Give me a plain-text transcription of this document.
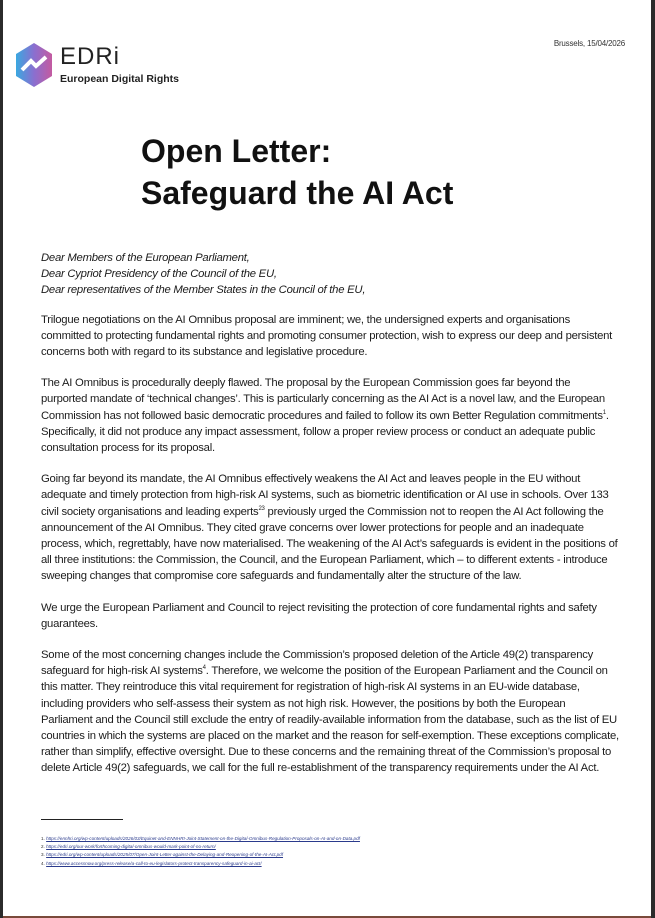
EDRi
European Digital Rights
Brussels, 15/04/2026
Open Letter:
Safeguard the AI Act
Dear Members of the European Parliament,
Dear Cypriot Presidency of the Council of the EU,
Dear representatives of the Member States in the Council of the EU,

Trilogue negotiations on the AI Omnibus proposal are imminent; we, the undersigned experts and organisations committed to protecting fundamental rights and promoting consumer protection, wish to express our deep and persistent concerns both with regard to its substance and legislative procedure.

The AI Omnibus is procedurally deeply flawed. The proposal by the European Commission goes far beyond the purported mandate of ‘technical changes’. This is particularly concerning as the AI Act is a novel law, and the European Commission has not followed basic democratic procedures and failed to follow its own Better Regulation commitments$^1$. Specifically, it did not produce any impact assessment, follow a proper review process or conduct an adequate public consultation process for its proposal.

Going far beyond its mandate, the AI Omnibus effectively weakens the AI Act and leaves people in the EU without adequate and timely protection from high-risk AI systems, such as biometric identification or AI use in schools. Over 133 civil society organisations and leading experts$^{23}$ previously urged the Commission not to reopen the AI Act following the announcement of the AI Omnibus. They cited grave concerns over lower protections for people and an inadequate process, which, regrettably, have now materialised. The weakening of the AI Act’s safeguards is evident in the positions of all three institutions: the Commission, the Council, and the European Parliament, which – to different extents - introduce sweeping changes that compromise core safeguards and fundamentally alter the structure of the law.

We urge the European Parliament and Council to reject revisiting the protection of core fundamental rights and safety guarantees.

Some of the most concerning changes include the Commission’s proposed deletion of the Article 49(2) transparency safeguard for high-risk AI systems$^4$. Therefore, we welcome the position of the European Parliament and the Council on this matter. They reintroduce this vital requirement for registration of high-risk AI systems in an EU-wide database, including providers who self-assess their system as not high risk. However, the positions by both the European Parliament and the Council still exclude the entry of readily-available information from the database, such as the list of EU countries in which the systems are placed on the market and the reason for self-exemption. These exceptions complicate, rather than simplify, effective oversight. Due to these concerns and the remaining threat of the Commission’s proposal to delete Article 49(2) safeguards, we call for the full re-establishment of the transparency requirements under the AI Act.

1. https://ennhri.org/wp-content/uploads/2026/03/Equinet-and-ENNHRI-Joint-Statement-on-the-Digital-Omnibus-Regulation-Proposals-on-AI-and-on-Data.pdf
2. https://edri.org/our-work/forthcoming-digital-omnibus-would-mark-point-of-no-return/
3. https://edri.org/wp-content/uploads/2025/07/Open-Joint-Letter-against-the-Delaying-and-Reopening-of-the-AI-Act.pdf
4. https://www.accessnow.org/press-release/a-call-to-eu-legislators-protect-transparency-safeguard-in-ai-act/
